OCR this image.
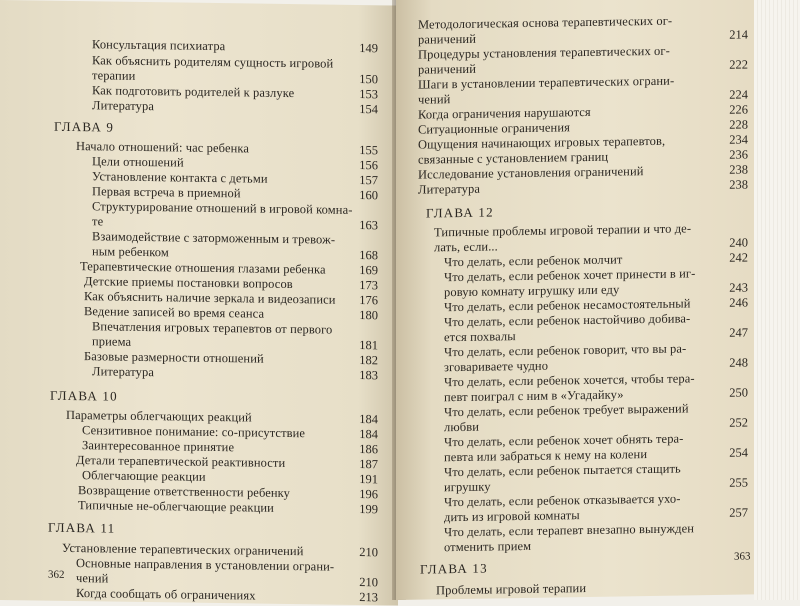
Консультация психиатра
Как объяснить родителям сущность игровой
терапии
Как подготовить родителей к разлуке
Литература
ГЛАВА 9
Начало отношений: час ребенка
Цели отношений
Установление контакта с детьми
Первая встреча в приемной
Структурирование отношений в игровой комна-
те
Взаимодействие с заторможенным и тревож-
ным ребенком
Терапевтические отношения глазами ребенка
Детские приемы постановки вопросов
Как объяснить наличие зеркала и видеозаписи
Ведение записей во время сеанса
Впечатления игровых терапевтов от первого
приема
Базовые размерности отношений
Литература
ГЛАВА 10
Параметры облегчающих реакций
Сензитивное понимание: со-присутствие
Заинтересованное принятие
Детали терапевтической реактивности
Облегчающие реакции
Возвращение ответственности ребенку
Типичные не-облегчающие реакции
ГЛАВА 11
Установление терапевтических ограничений
Основные направления в установлении ограни-
чений
Когда сообщать об ограничениях
149
150
153
154
155
156
157
160
163
168
169
173
176
180
181
182
183
184
184
186
187
191
196
199
210
210
213
362
Методологическая основа терапевтических ог-
раничений
Процедуры установления терапевтических ог-
раничений
Шаги в установлении терапевтических ограни-
чений
Когда ограничения нарушаются
Ситуационные ограничения
Ощущения начинающих игровых терапевтов,
связанные с установлением границ
Исследование установления ограничений
Литература
ГЛАВА 12
Типичные проблемы игровой терапии и что де-
лать, если...
Что делать, если ребенок молчит
Что делать, если ребенок хочет принести в иг-
ровую комнату игрушку или еду
Что делать, если ребенок несамостоятельный
Что делать, если ребенок настойчиво добива-
ется похвалы
Что делать, если ребенок говорит, что вы ра-
зговариваете чудно
Что делать, если ребенок хочется, чтобы тера-
певт поиграл с ним в «Угадайку»
Что делать, если ребенок требует выражений
любви
Что делать, если ребенок хочет обнять тера-
певта или забраться к нему на колени
Что делать, если ребенок пытается стащить
игрушку
Что делать, если ребенок отказывается ухо-
дить из игровой комнаты
Что делать, если терапевт внезапно вынужден
отменить прием
ГЛАВА 13
Проблемы игровой терапии
214
222
224
226
228
234
236
238
238
240
242
243
246
247
248
250
252
254
255
257
363
